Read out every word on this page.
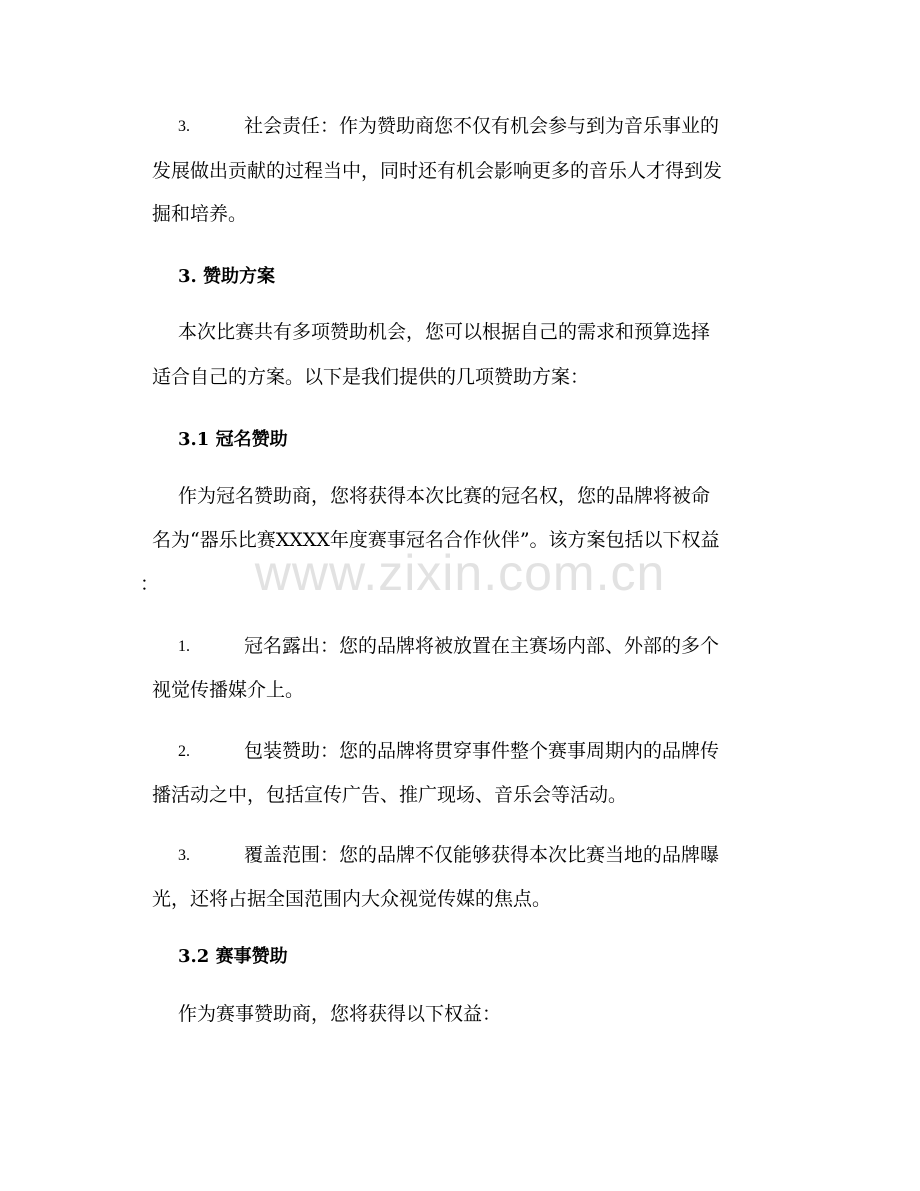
3.	社会责任：作为赞助商您不仅有机会参与到为音乐事业的
发展做出贡献的过程当中，同时还有机会影响更多的音乐人才得到发
掘和培养。
3. 赞助方案
本次比赛共有多项赞助机会，您可以根据自己的需求和预算选择
适合自己的方案。以下是我们提供的几项赞助方案：
3.1 冠名赞助
作为冠名赞助商，您将获得本次比赛的冠名权，您的品牌将被命
名为“器乐比赛XXXX年度赛事冠名合作伙伴”。该方案包括以下权益
：
1.	冠名露出：您的品牌将被放置在主赛场内部、外部的多个
视觉传播媒介上。
2.	包装赞助：您的品牌将贯穿事件整个赛事周期内的品牌传
播活动之中，包括宣传广告、推广现场、音乐会等活动。
3.	覆盖范围：您的品牌不仅能够获得本次比赛当地的品牌曝
光，还将占据全国范围内大众视觉传媒的焦点。
3.2 赛事赞助
作为赛事赞助商，您将获得以下权益：
www.zixin.com.cn
